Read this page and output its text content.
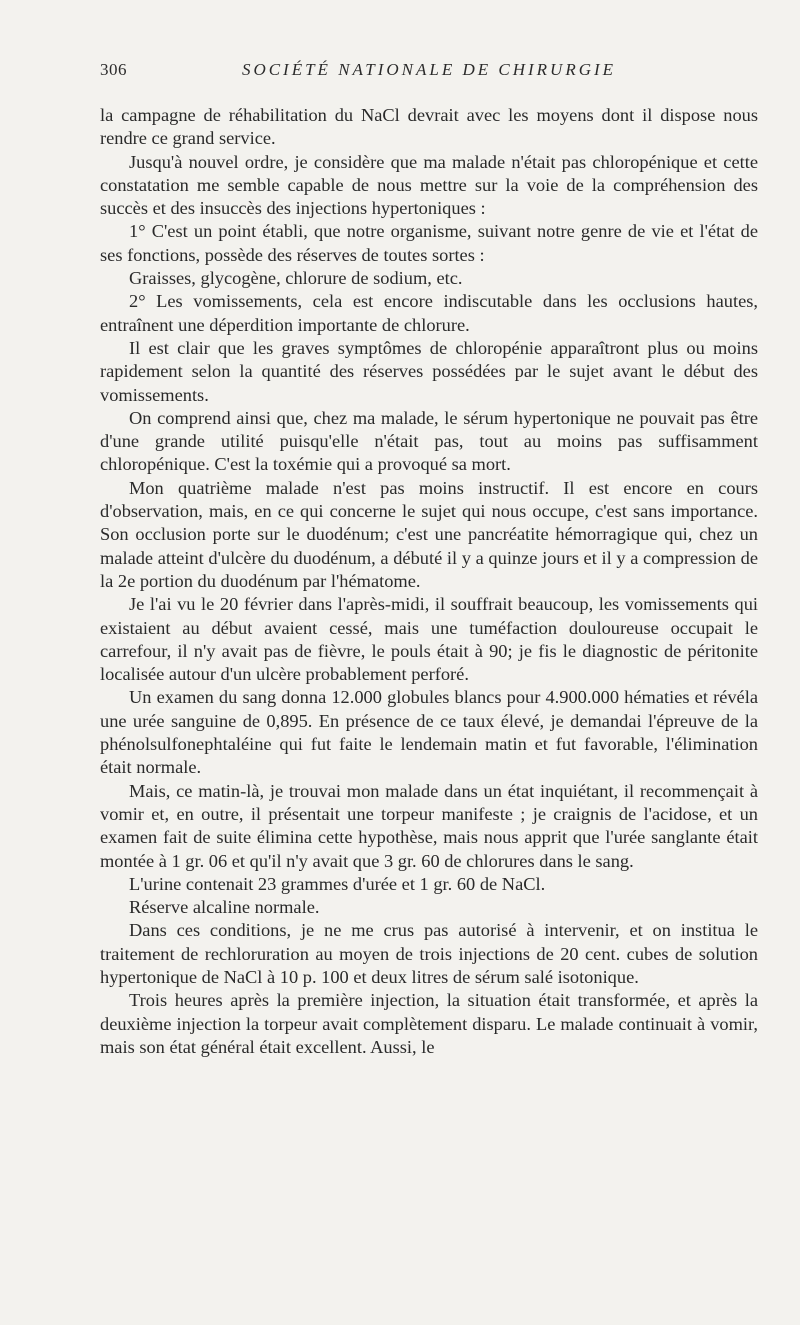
306	SOCIÉTÉ NATIONALE DE CHIRURGIE

la campagne de réhabilitation du NaCl devrait avec les moyens dont il dispose nous rendre ce grand service.

Jusqu'à nouvel ordre, je considère que ma malade n'était pas chloropénique et cette constatation me semble capable de nous mettre sur la voie de la compréhension des succès et des insuccès des injections hypertoniques :

1° C'est un point établi, que notre organisme, suivant notre genre de vie et l'état de ses fonctions, possède des réserves de toutes sortes :

Graisses, glycogène, chlorure de sodium, etc.

2° Les vomissements, cela est encore indiscutable dans les occlusions hautes, entraînent une déperdition importante de chlorure.

Il est clair que les graves symptômes de chloropénie apparaîtront plus ou moins rapidement selon la quantité des réserves possédées par le sujet avant le début des vomissements.

On comprend ainsi que, chez ma malade, le sérum hypertonique ne pouvait pas être d'une grande utilité puisqu'elle n'était pas, tout au moins pas suffisamment chloropénique. C'est la toxémie qui a provoqué sa mort.

Mon quatrième malade n'est pas moins instructif. Il est encore en cours d'observation, mais, en ce qui concerne le sujet qui nous occupe, c'est sans importance. Son occlusion porte sur le duodénum; c'est une pancréatite hémorragique qui, chez un malade atteint d'ulcère du duodénum, a débuté il y a quinze jours et il y a compression de la 2e portion du duodénum par l'hématome.

Je l'ai vu le 20 février dans l'après-midi, il souffrait beaucoup, les vomissements qui existaient au début avaient cessé, mais une tuméfaction douloureuse occupait le carrefour, il n'y avait pas de fièvre, le pouls était à 90; je fis le diagnostic de péritonite localisée autour d'un ulcère probablement perforé.

Un examen du sang donna 12.000 globules blancs pour 4.900.000 hématies et révéla une urée sanguine de 0,895. En présence de ce taux élevé, je demandai l'épreuve de la phénolsulfonephtaléine qui fut faite le lendemain matin et fut favorable, l'élimination était normale.

Mais, ce matin-là, je trouvai mon malade dans un état inquiétant, il recommençait à vomir et, en outre, il présentait une torpeur manifeste ; je craignis de l'acidose, et un examen fait de suite élimina cette hypothèse, mais nous apprit que l'urée sanglante était montée à 1 gr. 06 et qu'il n'y avait que 3 gr. 60 de chlorures dans le sang.

L'urine contenait 23 grammes d'urée et 1 gr. 60 de NaCl.

Réserve alcaline normale.

Dans ces conditions, je ne me crus pas autorisé à intervenir, et on institua le traitement de rechloruration au moyen de trois injections de 20 cent. cubes de solution hypertonique de NaCl à 10 p. 100 et deux litres de sérum salé isotonique.

Trois heures après la première injection, la situation était transformée, et après la deuxième injection la torpeur avait complètement disparu. Le malade continuait à vomir, mais son état général était excellent. Aussi, le
